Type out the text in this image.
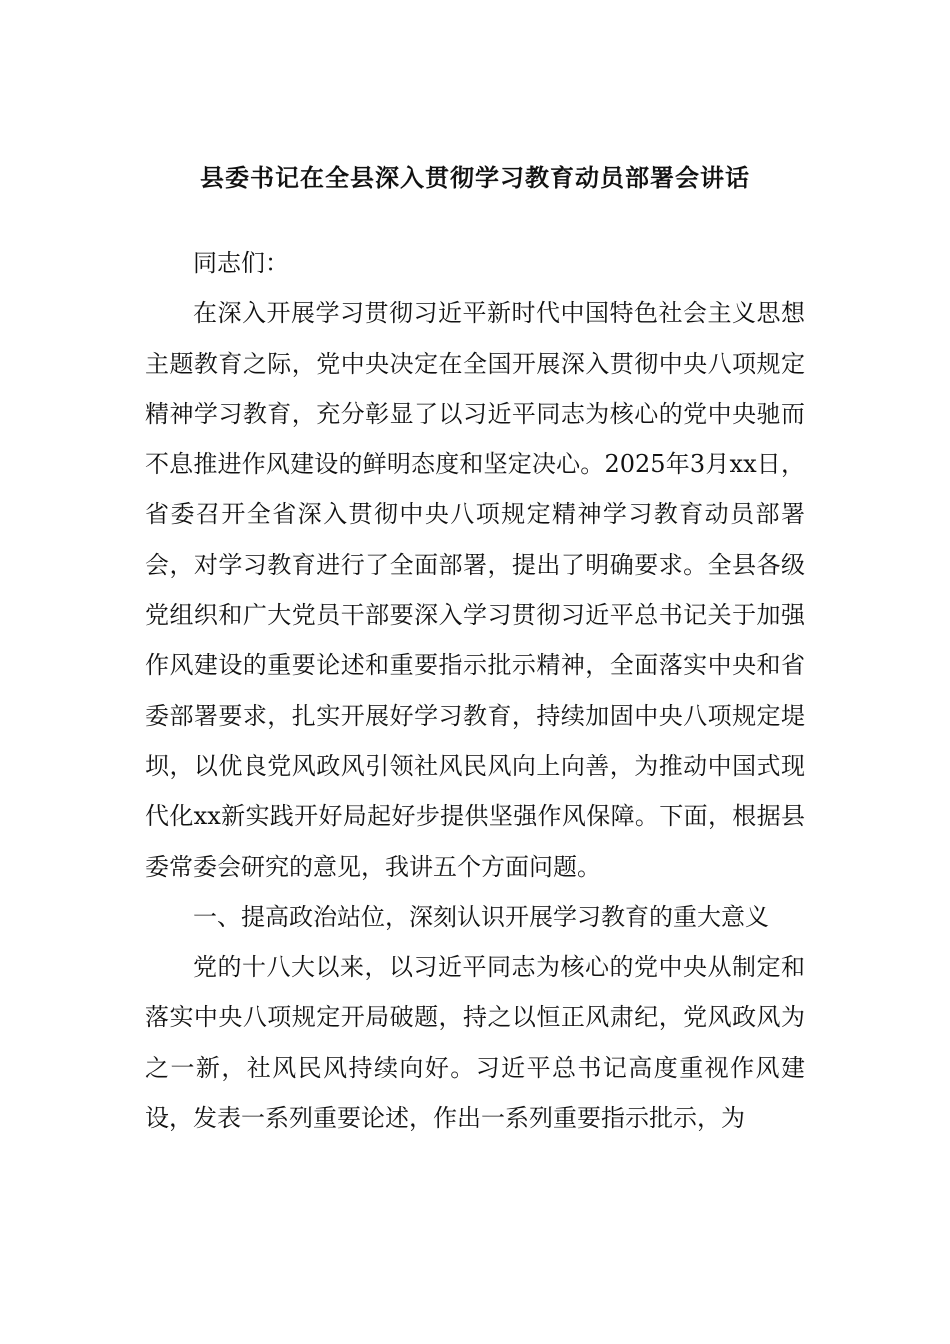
县委书记在全县深入贯彻学习教育动员部署会讲话

同志们：

在深入开展学习贯彻习近平新时代中国特色社会主义思想主题教育之际，党中央决定在全国开展深入贯彻中央八项规定精神学习教育，充分彰显了以习近平同志为核心的党中央驰而不息推进作风建设的鲜明态度和坚定决心。2025年3月xx日，省委召开全省深入贯彻中央八项规定精神学习教育动员部署会，对学习教育进行了全面部署，提出了明确要求。全县各级党组织和广大党员干部要深入学习贯彻习近平总书记关于加强作风建设的重要论述和重要指示批示精神，全面落实中央和省委部署要求，扎实开展好学习教育，持续加固中央八项规定堤坝，以优良党风政风引领社风民风向上向善，为推动中国式现代化xx新实践开好局起好步提供坚强作风保障。下面，根据县委常委会研究的意见，我讲五个方面问题。

一、提高政治站位，深刻认识开展学习教育的重大意义

党的十八大以来，以习近平同志为核心的党中央从制定和落实中央八项规定开局破题，持之以恒正风肃纪，党风政风为之一新，社风民风持续向好。习近平总书记高度重视作风建设，发表一系列重要论述，作出一系列重要指示批示，为
